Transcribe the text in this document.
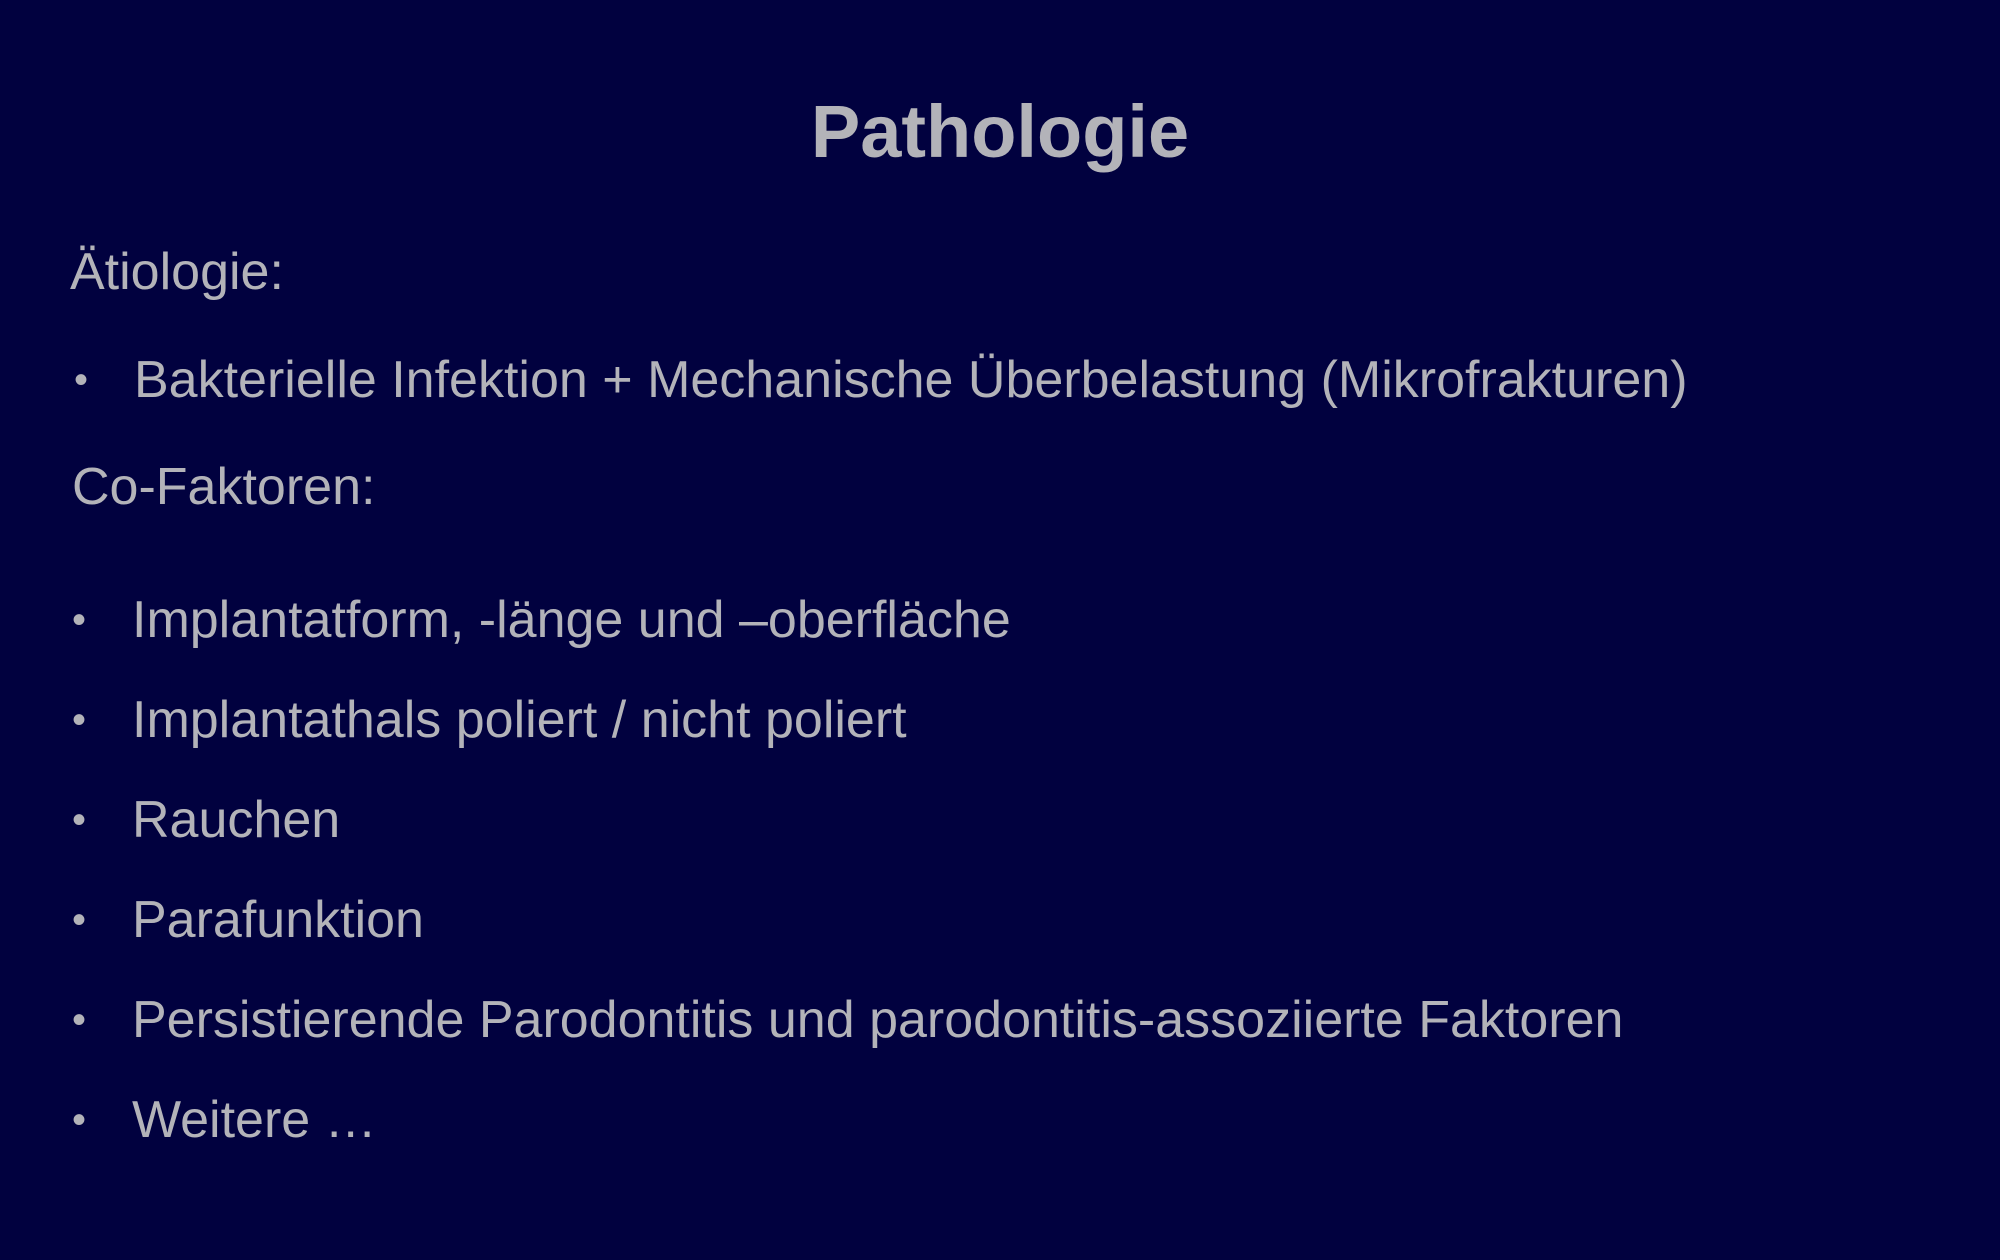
Pathologie

Ätiologie:

• Bakterielle Infektion + Mechanische Überbelastung (Mikrofrakturen)

Co-Faktoren:

• Implantatform, -länge und –oberfläche
• Implantathals poliert / nicht poliert
• Rauchen
• Parafunktion
• Persistierende Parodontitis und parodontitis-assoziierte Faktoren
• Weitere …
